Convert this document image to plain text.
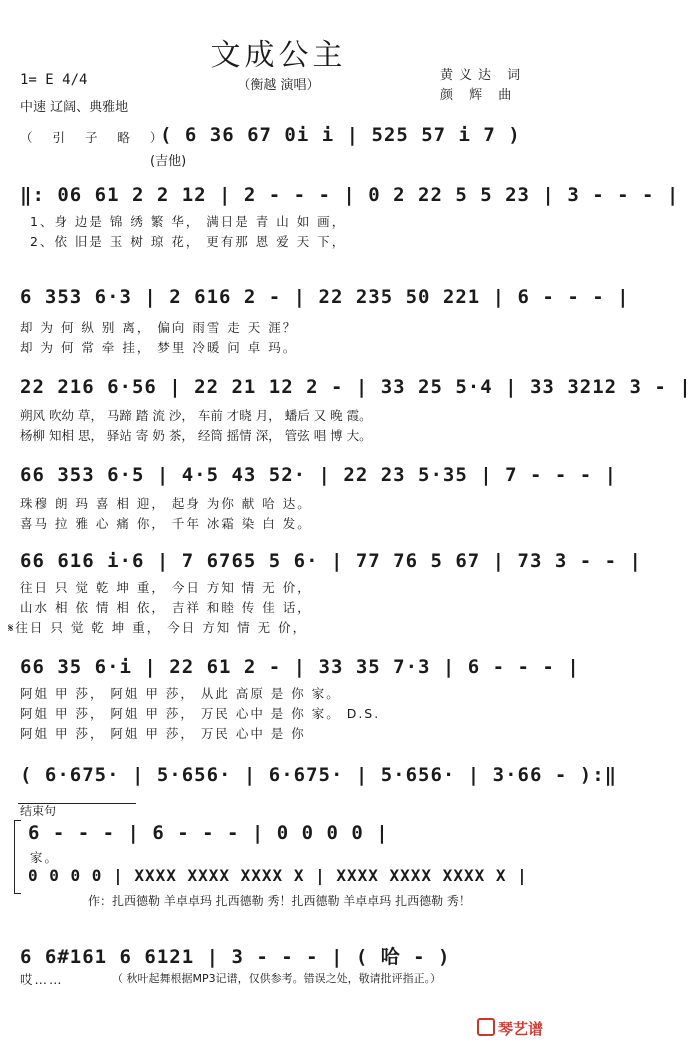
文成公主
（衡越 演唱）
黄义达 词
颜 辉 曲
1= E 4/4
中速 辽阔、典雅地
（ 引 子 略 ）
( 6 36 67 0i i | 525 57 i 7 )
(吉他)
‖: 06 61 2 2 12 | 2 - - - | 0 2 22 5 5 23 | 3 - - - |
1、身 边是 锦 绣 繁 华， 满日是 青 山 如 画，
2、依 旧是 玉 树 琼 花， 更有那 恩 爱 天 下，
6 353 6·3 | 2 616 2 - | 22 235 50 221 | 6 - - - |
却 为 何 纵 别 离， 偏向 雨雪 走 天 涯？
却 为 何 常 牵 挂， 梦里 冷暖 问 卓 玛。
22 216 6·56 | 22 21 12 2 - | 33 25 5·4 | 33 3212 3 - |
朔风 吹幼 草， 马蹄 踏 流 沙， 车前 才晓 月， 蟠后 又 晚 霞。
杨柳 知相 思， 驿站 寄 奶 茶， 经筒 摇情 深， 管弦 唱 博 大。
66 353 6·5 | 4·5 43 52· | 22 23 5·35 | 7 - - - |
珠穆 朗 玛 喜 相 迎， 起身 为你 献 哈 达。
喜马 拉 雅 心 痛 你， 千年 冰霜 染 白 发。
66 616 i·6 | 7 6765 5 6· | 77 76 5 67 | 73 3 - - |
往日 只 觉 乾 坤 重， 今日 方知 情 无 价，
山水 相 依 情 相 依， 吉祥 和睦 传 佳 话，
𝄋往日 只 觉 乾 坤 重， 今日 方知 情 无 价，
66 35 6·i | 22 61 2 - | 33 35 7·3 | 6 - - - |
阿姐 甲 莎， 阿姐 甲 莎， 从此 高原 是 你 家。
阿姐 甲 莎， 阿姐 甲 莎， 万民 心中 是 你 家。 D.S.
阿姐 甲 莎， 阿姐 甲 莎， 万民 心中 是 你
( 6·675· | 5·656· | 6·675· | 5·656· | 3·66 - ):‖
结束句
6 - - - | 6 - - - | 0 0 0 0 |
家。
0 0 0 0 | XXXX XXXX XXXX X | XXXX XXXX XXXX X |
作：扎西德勒 羊卓卓玛 扎西德勒 秀！扎西德勒 羊卓卓玛 扎西德勒 秀！
6 6#161 6 6121 | 3 - - - | ( 哈 - )
哎……	（ 秋叶起舞根据MP3记谱，仅供参考。错误之处，敬请批评指正。）
琴艺谱
